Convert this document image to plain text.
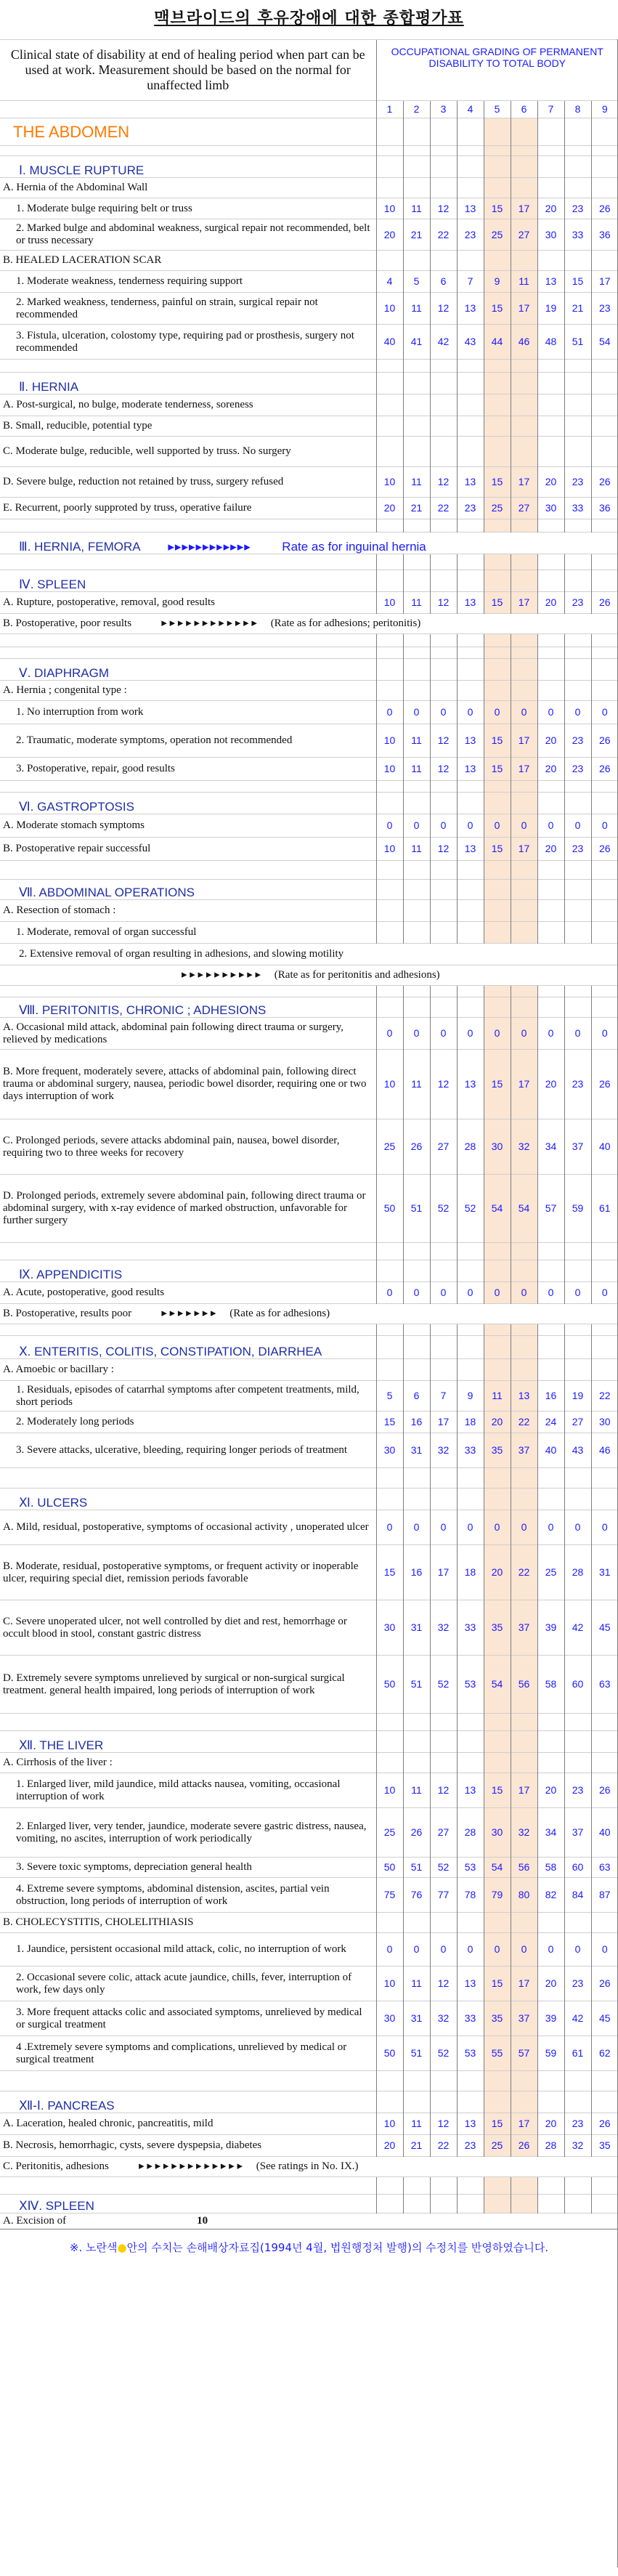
맥브라이드의 후유장애에 대한 종합평가표
Clinical state of disability at end of healing period when part can be used at work. Measurement should be based on the normal for unaffected limb	OCCUPATIONAL GRADING OF PERMANENT DISABILITY TO TOTAL BODY								
	1	2	3	4	5	6	7	8	9
THE ABDOMEN									

Ⅰ. MUSCLE RUPTURE									
A. Hernia of the Abdominal Wall									
1. Moderate bulge requiring belt or truss	10	11	12	13	15	17	20	23	26
2. Marked bulge and abdominal weakness, surgical repair not recommended, belt or truss necessary	20	21	22	23	25	27	30	33	36
B. HEALED LACERATION SCAR									
1. Moderate weakness, tenderness requiring support	4	5	6	7	9	11	13	15	17
2. Marked weakness, tenderness, painful on strain, surgical repair not recommended	10	11	12	13	15	17	19	21	23
3. Fistula, ulceration, colostomy type, requiring pad or prosthesis, surgery not recommended	40	41	42	43	44	46	48	51	54

Ⅱ. HERNIA									
A. Post-surgical, no bulge, moderate tenderness, soreness									
B. Small, reducible, potential type									
C. Moderate bulge, reducible, well supported by truss. No surgery									
D. Severe bulge, reduction not retained by truss, surgery refused	10	11	12	13	15	17	20	23	26
E. Recurrent, poorly supproted by truss, operative failure	20	21	22	23	25	27	30	33	36

Ⅲ. HERNIA, FEMORA ▸▸▸▸▸▸▸▸▸▸▸▸ Rate as for inguinal hernia									

Ⅳ. SPLEEN									
A. Rupture, postoperative, removal, good results	10	11	12	13	15	17	20	23	26
B. Postoperative, poor results ▸ ▸ ▸ ▸ ▸ ▸ ▸ ▸ ▸ ▸ ▸ ▸ (Rate as for adhesions; peritonitis)									

Ⅴ. DIAPHRAGM									
A. Hernia ; congenital type :									
1. No interruption from work	0	0	0	0	0	0	0	0	0
2. Traumatic, moderate symptoms, operation not recommended	10	11	12	13	15	17	20	23	26
3. Postoperative, repair, good results	10	11	12	13	15	17	20	23	26

Ⅵ. GASTROPTOSIS									
A. Moderate stomach symptoms	0	0	0	0	0	0	0	0	0
B. Postoperative repair successful	10	11	12	13	15	17	20	23	26

Ⅶ. ABDOMINAL OPERATIONS									
A. Resection of stomach :									
1. Moderate, removal of organ successful									
2. Extensive removal of organ resulting in adhesions, and slowing motility									
▸ ▸ ▸ ▸ ▸ ▸ ▸ ▸ ▸ ▸ (Rate as for peritonitis and adhesions)									

Ⅷ. PERITONITIS, CHRONIC ; ADHESIONS									
A. Occasional mild attack, abdominal pain following direct trauma or surgery, relieved by medications	0	0	0	0	0	0	0	0	0
B. More frequent, moderately severe, attacks of abdominal pain, following direct trauma or abdominal surgery, nausea, periodic bowel disorder, requiring one or two days interruption of work	10	11	12	13	15	17	20	23	26
C. Prolonged periods, severe attacks abdominal pain, nausea, bowel disorder, requiring two to three weeks for recovery	25	26	27	28	30	32	34	37	40
D. Prolonged periods, extremely severe abdominal pain, following direct trauma or abdominal surgery, with x-ray evidence of marked obstruction, unfavorable for further surgery	50	51	52	52	54	54	57	59	61

Ⅸ. APPENDICITIS									
A. Acute, postoperative, good results	0	0	0	0	0	0	0	0	0
B. Postoperative, results poor ▸ ▸ ▸ ▸ ▸ ▸ ▸ (Rate as for adhesions)									

Ⅹ. ENTERITIS, COLITIS, CONSTIPATION, DIARRHEA									
A. Amoebic or bacillary :									
1. Residuals, episodes of catarrhal symptoms after competent treatments, mild, short periods	5	6	7	9	11	13	16	19	22
2. Moderately long periods	15	16	17	18	20	22	24	27	30
3. Severe attacks, ulcerative, bleeding, requiring longer periods of treatment	30	31	32	33	35	37	40	43	46

Ⅺ. ULCERS									
A. Mild, residual, postoperative, symptoms of occasional activity , unoperated ulcer	0	0	0	0	0	0	0	0	0
B. Moderate, residual, postoperative symptoms, or frequent activity or inoperable ulcer, requiring special diet, remission periods favorable	15	16	17	18	20	22	25	28	31
C. Severe unoperated ulcer, not well controlled by diet and rest, hemorrhage or occult blood in stool, constant gastric distress	30	31	32	33	35	37	39	42	45
D. Extremely severe symptoms unrelieved by surgical or non-surgical surgical treatment. general health impaired, long periods of interruption of work	50	51	52	53	54	56	58	60	63

Ⅻ. THE LIVER									
A. Cirrhosis of the liver :									
1. Enlarged liver, mild jaundice, mild attacks nausea, vomiting, occasional interruption of work	10	11	12	13	15	17	20	23	26
2. Enlarged liver, very tender, jaundice, moderate severe gastric distress, nausea, vomiting, no ascites, interruption of work periodically	25	26	27	28	30	32	34	37	40
3. Severe toxic symptoms, depreciation general health	50	51	52	53	54	56	58	60	63
4. Extreme severe symptoms, abdominal distension, ascites, partial vein obstruction, long periods of interruption of work	75	76	77	78	79	80	82	84	87
B. CHOLECYSTITIS, CHOLELITHIASIS									
1. Jaundice, persistent occasional mild attack, colic, no interruption of work	0	0	0	0	0	0	0	0	0
2. Occasional severe colic, attack acute jaundice, chills, fever, interruption of work, few days only	10	11	12	13	15	17	20	23	26
3. More frequent attacks colic and associated symptoms, unrelieved by medical or surgical treatment	30	31	32	33	35	37	39	42	45
4 .Extremely severe symptoms and complications, unrelieved by medical or surgical treatment	50	51	52	53	55	57	59	61	62

Ⅻ-Ⅰ. PANCREAS									
A. Laceration, healed chronic, pancreatitis, mild	10	11	12	13	15	17	20	23	26
B. Necrosis, hemorrhagic, cysts, severe dyspepsia, diabetes	20	21	22	23	25	26	28	32	35
C. Peritonitis, adhesions ▸ ▸ ▸ ▸ ▸ ▸ ▸ ▸ ▸ ▸ ▸ ▸ ▸ (See ratings in No. IX.)									

ⅩⅣ. SPLEEN									
A. Excision of 10									
※. 노란색●안의 수치는 손해배상자료집(1994년 4월, 법원행정처 발행)의 수정치를 반영하였습니다.									
